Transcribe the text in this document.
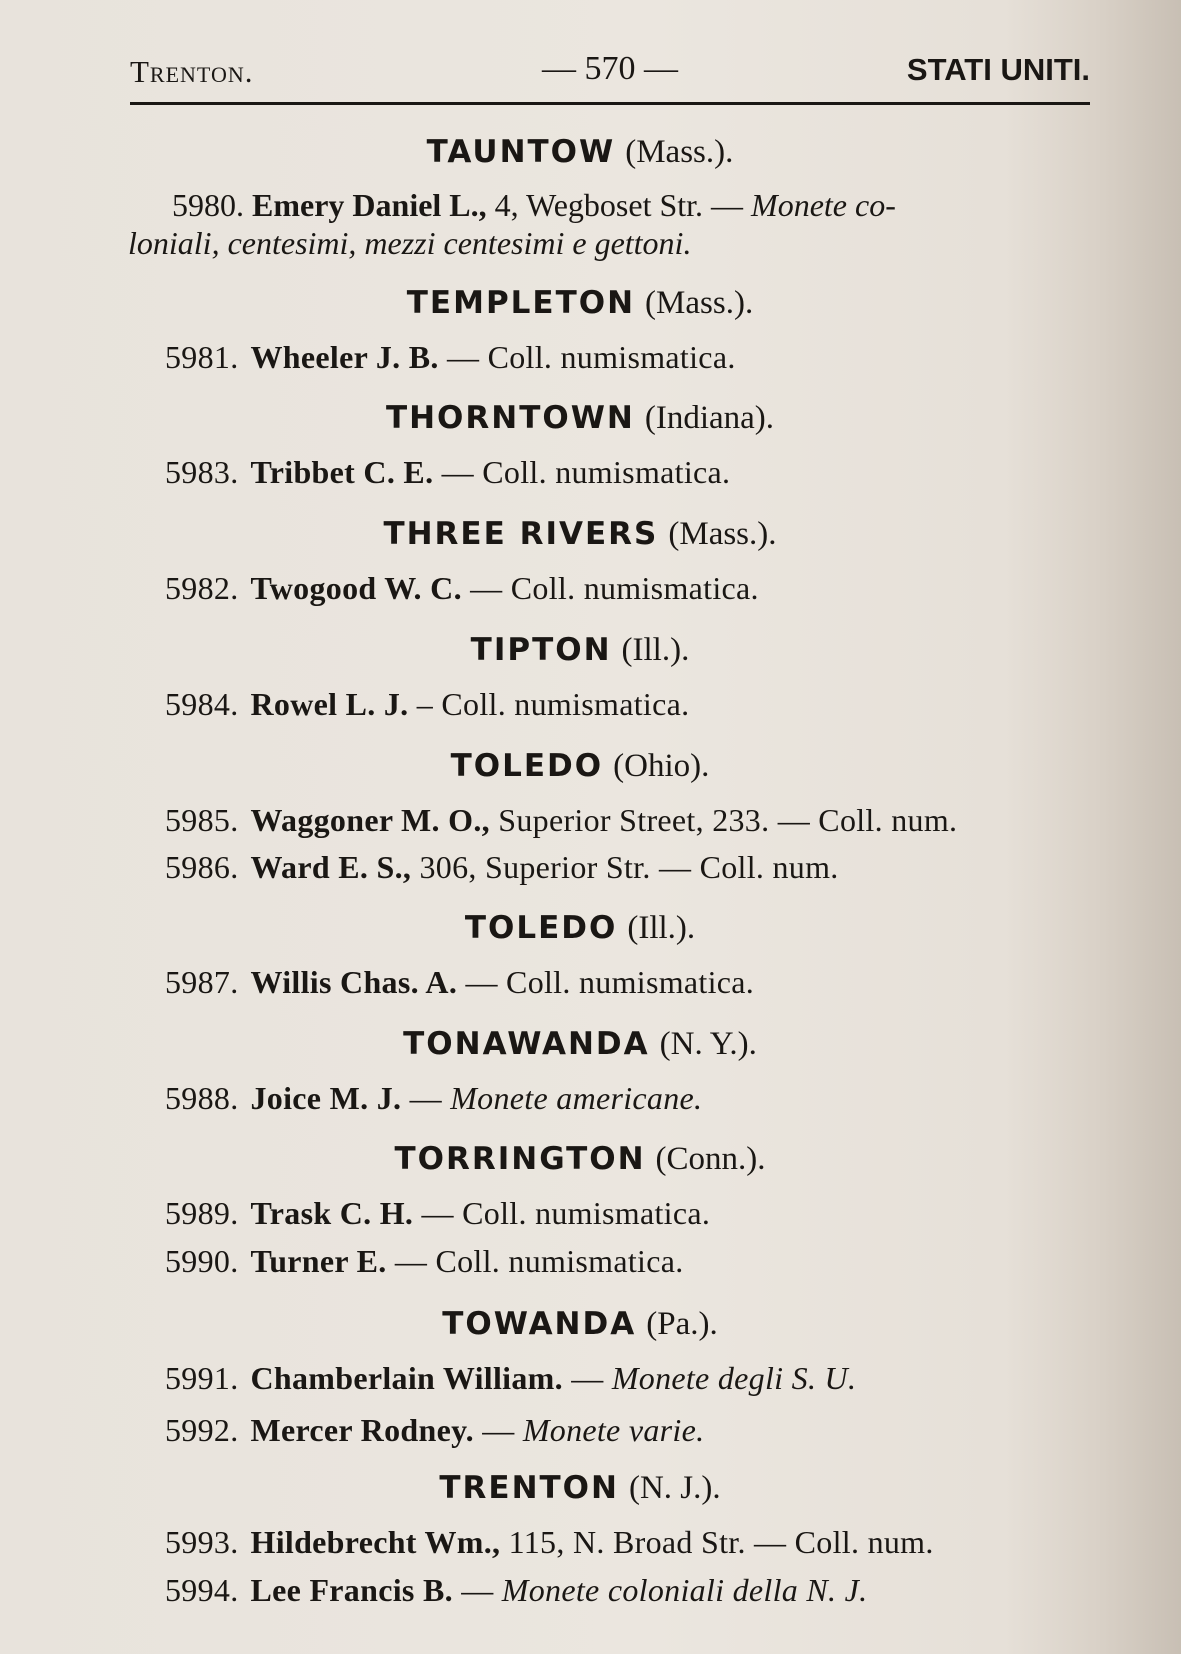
Trenton.	— 570 —	STATI UNITI.
TAUNTOW (Mass.).
5980. Emery Daniel L., 4, Wegboset Str. — Monete co-
loniali, centesimi, mezzi centesimi e gettoni.
TEMPLETON (Mass.).
5981. Wheeler J. B. — Coll. numismatica.
THORNTOWN (Indiana).
5983. Tribbet C. E. — Coll. numismatica.
THREE RIVERS (Mass.).
5982. Twogood W. C. — Coll. numismatica.
TIPTON (Ill.).
5984. Rowel L. J. – Coll. numismatica.
TOLEDO (Ohio).
5985. Waggoner M. O., Superior Street, 233. — Coll. num.
5986. Ward E. S., 306, Superior Str. — Coll. num.
TOLEDO (Ill.).
5987. Willis Chas. A. — Coll. numismatica.
TONAWANDA (N. Y.).
5988. Joice M. J. — Monete americane.
TORRINGTON (Conn.).
5989. Trask C. H. — Coll. numismatica.
5990. Turner E. — Coll. numismatica.
TOWANDA (Pa.).
5991. Chamberlain William. — Monete degli S. U.
5992. Mercer Rodney. — Monete varie.
TRENTON (N. J.).
5993. Hildebrecht Wm., 115, N. Broad Str. — Coll. num.
5994. Lee Francis B. — Monete coloniali della N. J.
